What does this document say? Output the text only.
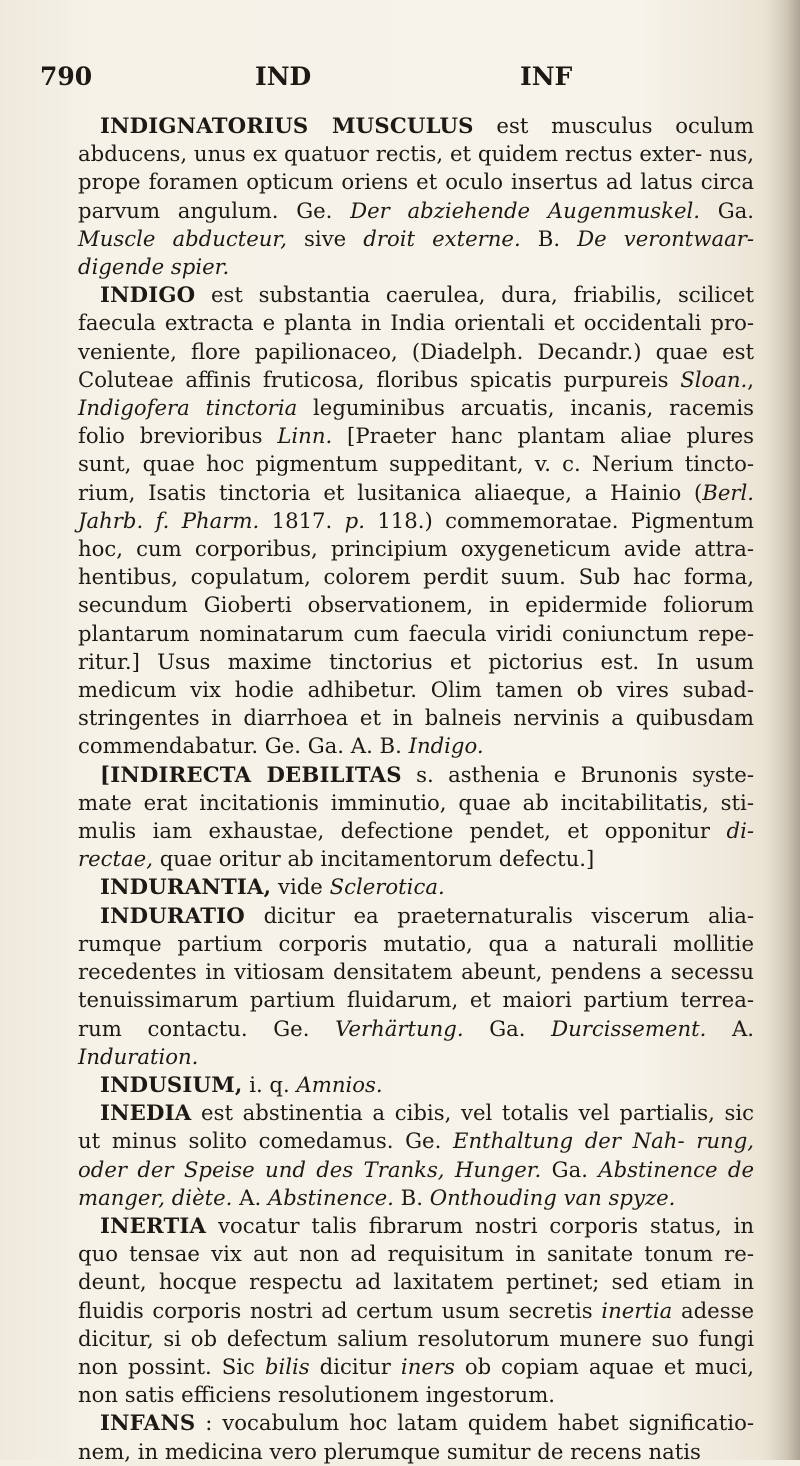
790	IND	INF

INDIGNATORIUS MUSCULUS est musculus oculum abducens, unus ex quatuor rectis, et quidem rectus exter- nus, prope foramen opticum oriens et oculo insertus ad latus circa parvum angulum. Ge. Der abziehende Augenmuskel. Ga. Muscle abducteur, sive droit externe. B. De verontwaar- digende spier.

INDIGO est substantia caerulea, dura, friabilis, scilicet faecula extracta e planta in India orientali et occidentali pro- veniente, flore papilionaceo, (Diadelph. Decandr.) quae est Coluteae affinis fruticosa, floribus spicatis purpureis Sloan., Indigofera tinctoria leguminibus arcuatis, incanis, racemis folio brevioribus Linn. [Praeter hanc plantam aliae plures sunt, quae hoc pigmentum suppeditant, v. c. Nerium tincto- rium, Isatis tinctoria et lusitanica aliaeque, a Hainio (Berl. Jahrb. f. Pharm. 1817. p. 118.) commemoratae. Pigmentum hoc, cum corporibus, principium oxygeneticum avide attra- hentibus, copulatum, colorem perdit suum. Sub hac forma, secundum Gioberti observationem, in epidermide foliorum plantarum nominatarum cum faecula viridi coniunctum repe- ritur.] Usus maxime tinctorius et pictorius est. In usum medicum vix hodie adhibetur. Olim tamen ob vires subad- stringentes in diarrhoea et in balneis nervinis a quibusdam commendabatur. Ge. Ga. A. B. Indigo.

[INDIRECTA DEBILITAS s. asthenia e Brunonis syste- mate erat incitationis imminutio, quae ab incitabilitatis, sti- mulis iam exhaustae, defectione pendet, et opponitur di- rectae, quae oritur ab incitamentorum defectu.]

INDURANTIA, vide Sclerotica.

INDURATIO dicitur ea praeternaturalis viscerum alia- rumque partium corporis mutatio, qua a naturali mollitie recedentes in vitiosam densitatem abeunt, pendens a secessu tenuissimarum partium fluidarum, et maiori partium terrea- rum contactu. Ge. Verhärtung. Ga. Durcissement. A. Induration.

INDUSIUM, i. q. Amnios.

INEDIA est abstinentia a cibis, vel totalis vel partialis, sic ut minus solito comedamus. Ge. Enthaltung der Nah- rung, oder der Speise und des Tranks, Hunger. Ga. Abstinence de manger, diète. A. Abstinence. B. Onthouding van spyze.

INERTIA vocatur talis fibrarum nostri corporis status, in quo tensae vix aut non ad requisitum in sanitate tonum re- deunt, hocque respectu ad laxitatem pertinet; sed etiam in fluidis corporis nostri ad certum usum secretis inertia adesse dicitur, si ob defectum salium resolutorum munere suo fungi non possint. Sic bilis dicitur iners ob copiam aquae et muci, non satis efficiens resolutionem ingestorum.

INFANS : vocabulum hoc latam quidem habet significatio- nem, in medicina vero plerumque sumitur de recens natis
